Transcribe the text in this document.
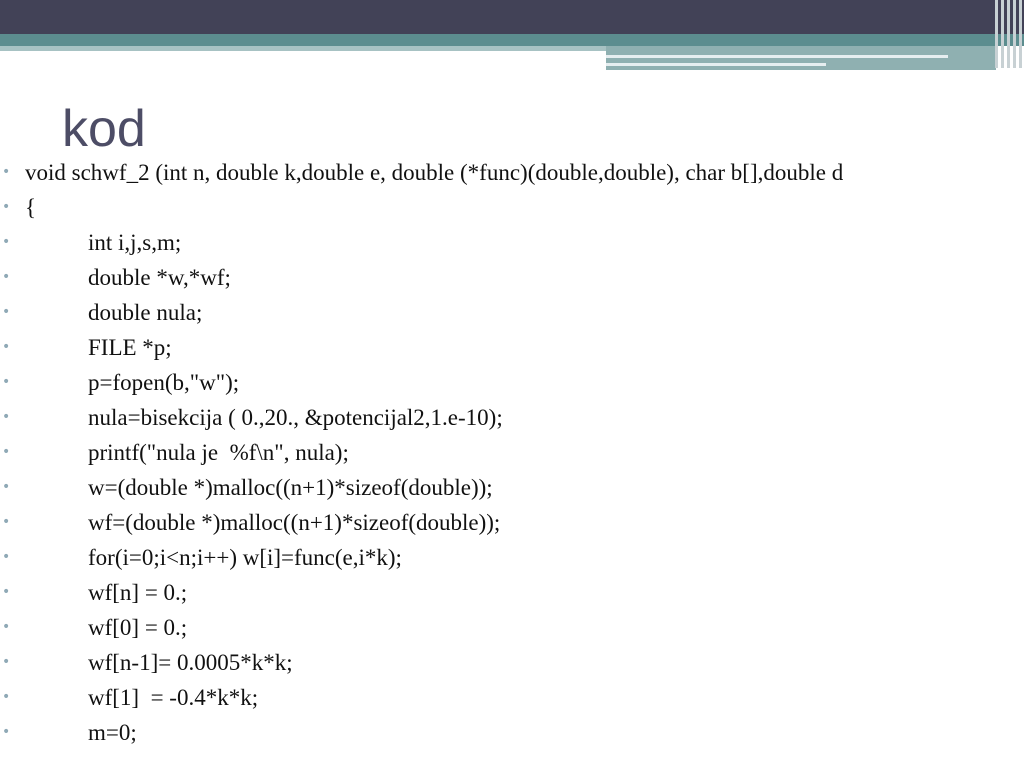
kod
• void schwf_2 (int n, double k,double e, double (*func)(double,double), char b[],double d
• {
•	int i,j,s,m;
•	double *w,*wf;
•	double nula;
•	FILE *p;
•	p=fopen(b,"w");
•	nula=bisekcija ( 0.,20., &potencijal2,1.e-10);
•	printf("nula je  %f\n", nula);
•	w=(double *)malloc((n+1)*sizeof(double));
•	wf=(double *)malloc((n+1)*sizeof(double));
•	for(i=0;i<n;i++) w[i]=func(e,i*k);
•	wf[n] = 0.;
•	wf[0] = 0.;
•	wf[n-1]= 0.0005*k*k;
•	wf[1]  = -0.4*k*k;
•	m=0;
